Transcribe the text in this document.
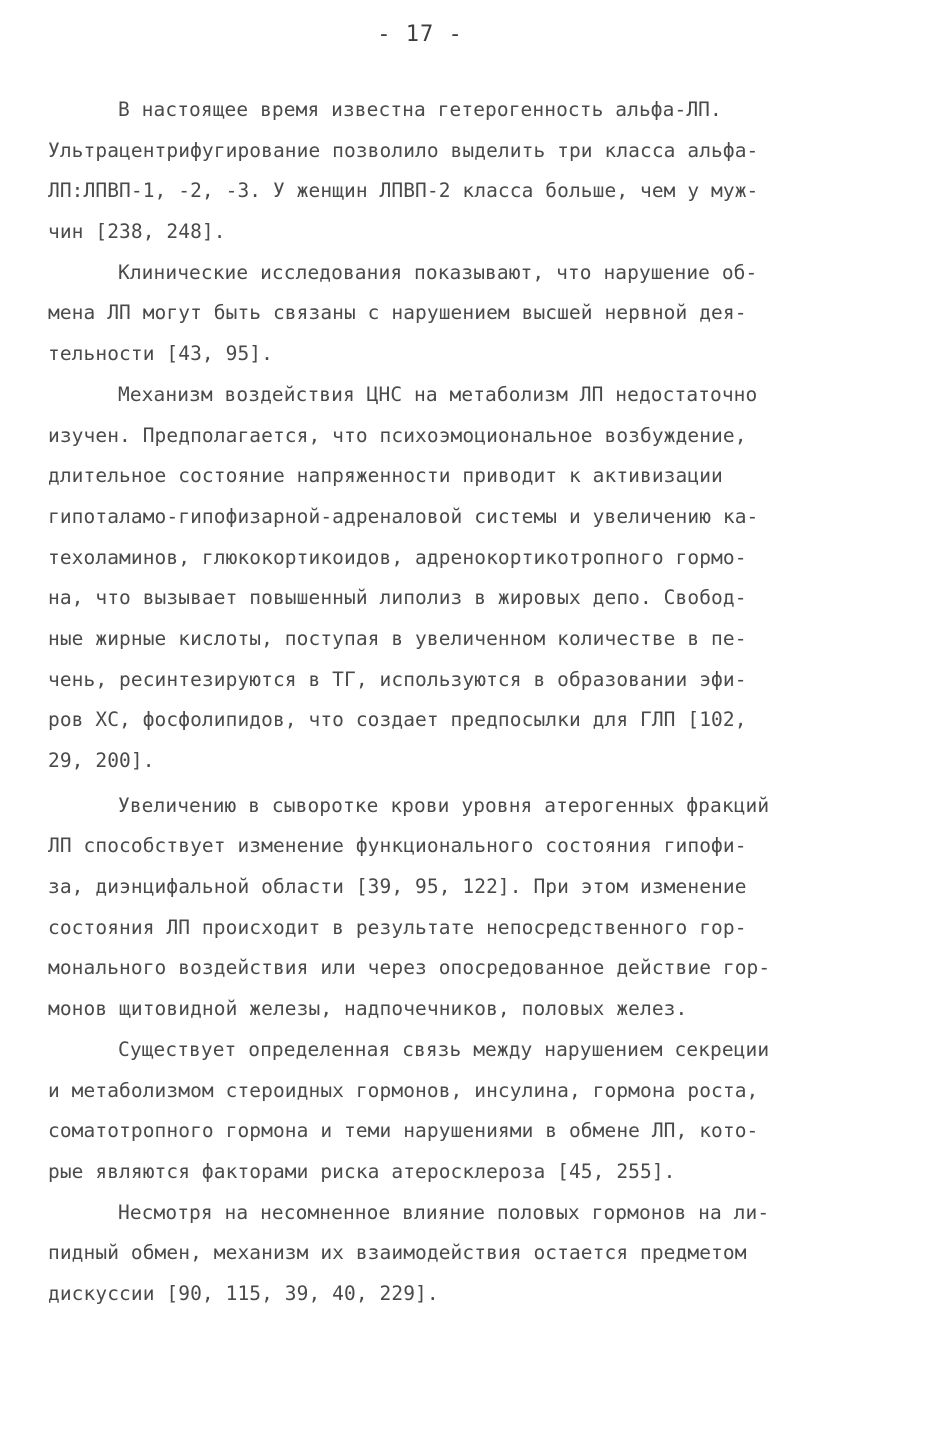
- 17 -
В настоящее время известна гетерогенность альфа-ЛП.
Ультрацентрифугирование позволило выделить три класса альфа-
ЛП:ЛПВП-1, -2, -3. У женщин ЛПВП-2 класса больше, чем у муж-
чин [238, 248].
Клинические исследования показывают, что нарушение об-
мена ЛП могут быть связаны с нарушением высшей нервной дея-
тельности [43, 95].
Механизм воздействия ЦНС на метаболизм ЛП недостаточно
изучен. Предполагается, что психоэмоциональное возбуждение,
длительное состояние напряженности приводит к активизации
гипоталамо-гипофизарной-адреналовой системы и увеличению ка-
техоламинов, глюкокортикоидов, адренокортикотропного гормо-
на, что вызывает повышенный липолиз в жировых депо. Свобод-
ные жирные кислоты, поступая в увеличенном количестве в пе-
чень, ресинтезируются в ТГ, используются в образовании эфи-
ров ХС, фосфолипидов, что создает предпосылки для ГЛП [102,
29, 200].
Увеличению в сыворотке крови уровня атерогенных фракций
ЛП способствует изменение функционального состояния гипофи-
за, диэнцифальной области [39, 95, 122]. При этом изменение
состояния ЛП происходит в результате непосредственного гор-
монального воздействия или через опосредованное действие гор-
монов щитовидной железы, надпочечников, половых желез.
Существует определенная связь между нарушением секреции
и метаболизмом стероидных гормонов, инсулина, гормона роста,
соматотропного гормона и теми нарушениями в обмене ЛП, кото-
рые являются факторами риска атеросклероза [45, 255].
Несмотря на несомненное влияние половых гормонов на ли-
пидный обмен, механизм их взаимодействия остается предметом
дискуссии [90, 115, 39, 40, 229].
